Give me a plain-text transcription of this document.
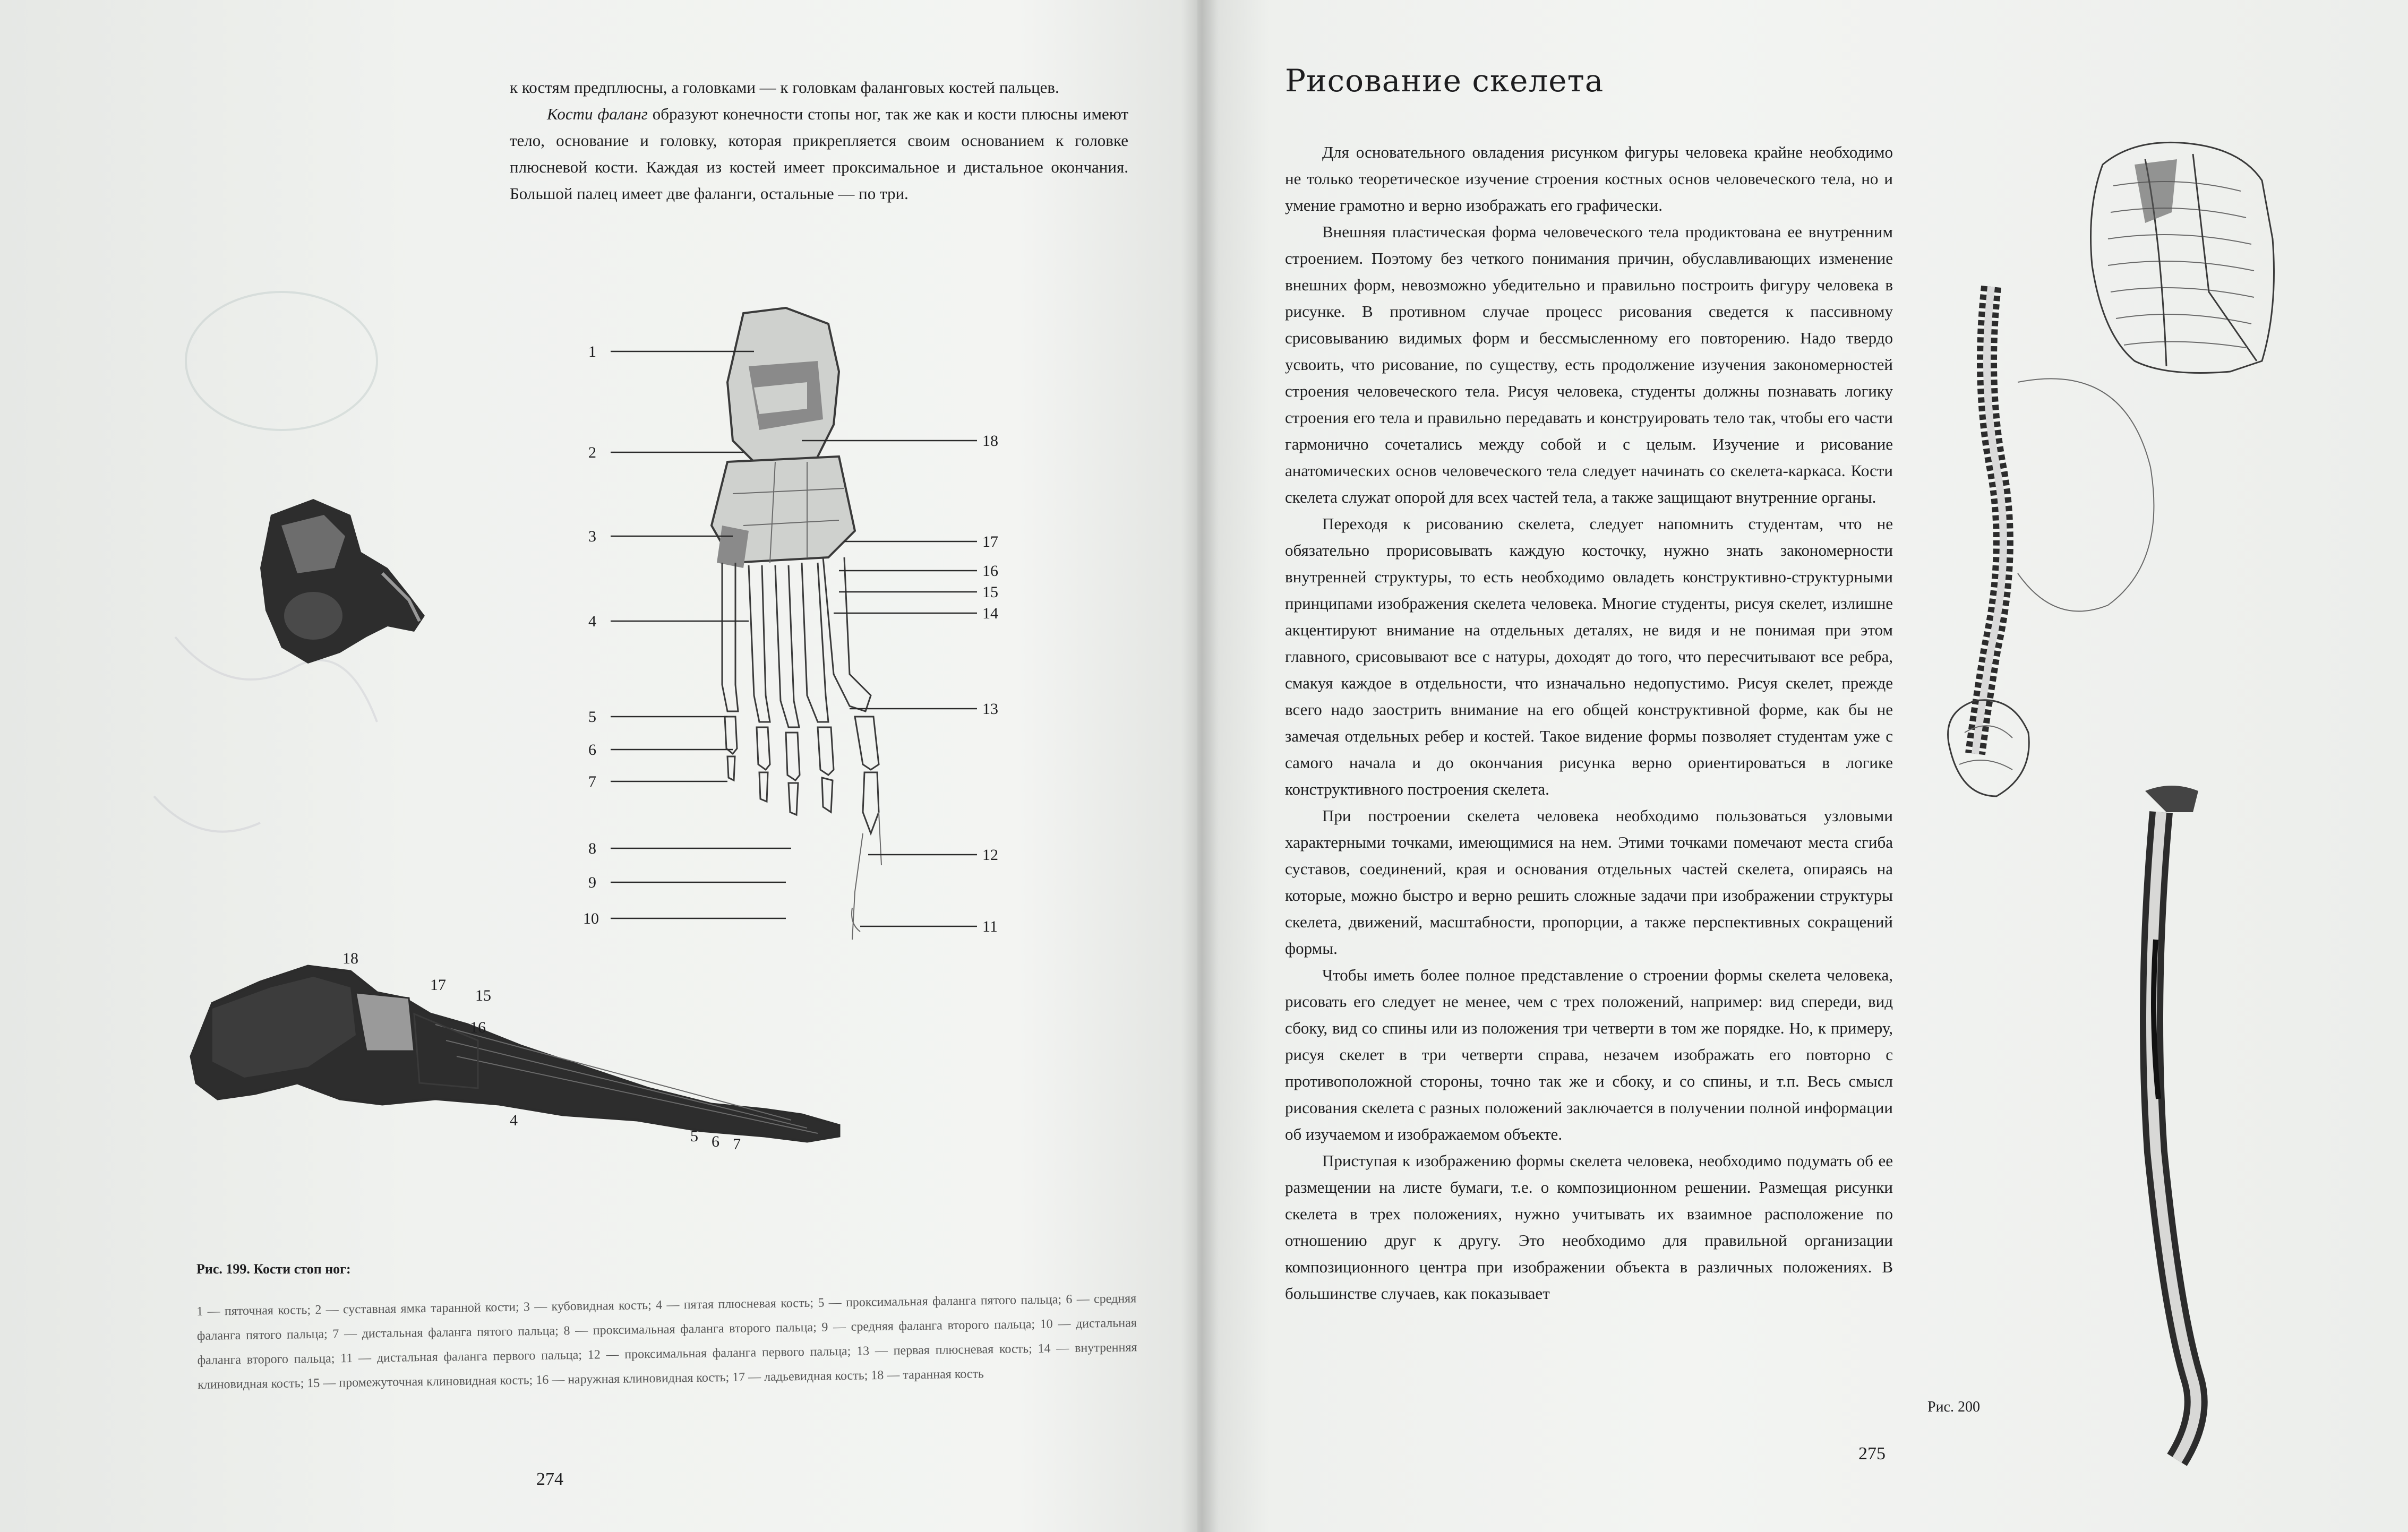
к костям предплюсны, а головками — к головкам фаланговых костей пальцев.

Кости фаланг образуют конечности стопы ног, так же как и кости плюсны имеют тело, основание и головку, которая прикрепляется своим основанием к головке плюсневой кости. Каждая из костей имеет проксимальное и дистальное окончания. Большой палец имеет две фаланги, остальные — по три.

1
2
3
4
5
6
7
8
9
10
18
17
16
15
14
13
12
11
18
17
15
16
4
5 6 7
Рис. 199. Кости стоп ног:
1 — пяточная кость; 2 — суставная ямка таранной кости; 3 — кубовидная кость; 4 — пятая плюсневая кость; 5 — проксимальная фаланга пятого пальца; 6 — средняя фаланга пятого пальца; 7 — дистальная фаланга пятого пальца; 8 — проксимальная фаланга второго пальца; 9 — средняя фаланга второго пальца; 10 — дистальная фаланга второго пальца; 11 — дистальная фаланга первого пальца; 12 — проксимальная фаланга первого пальца; 13 — первая плюсневая кость; 14 — внутренняя клиновидная кость; 15 — промежуточная клиновидная кость; 16 — наружная клиновидная кость; 17 — ладьевидная кость; 18 — таранная кость
274
Рисование скелета

Для основательного овладения рисунком фигуры человека крайне необходимо не только теоретическое изучение строения костных основ человеческого тела, но и умение грамотно и верно изображать его графически.

Внешняя пластическая форма человеческого тела продиктована ее внутренним строением. Поэтому без четкого понимания причин, обуславливающих изменение внешних форм, невозможно убедительно и правильно построить фигуру человека в рисунке. В противном случае процесс рисования сведется к пассивному срисовыванию видимых форм и бессмысленному его повторению. Надо твердо усвоить, что рисование, по существу, есть продолжение изучения закономерностей строения человеческого тела. Рисуя человека, студенты должны познавать логику строения его тела и правильно передавать и конструировать тело так, чтобы его части гармонично сочетались между собой и с целым. Изучение и рисование анатомических основ человеческого тела следует начинать со скелета-каркаса. Кости скелета служат опорой для всех частей тела, а также защищают внутренние органы.

Переходя к рисованию скелета, следует напомнить студентам, что не обязательно прорисовывать каждую косточку, нужно знать закономерности внутренней структуры, то есть необходимо овладеть конструктивно-структурными принципами изображения скелета человека. Многие студенты, рисуя скелет, излишне акцентируют внимание на отдельных деталях, не видя и не понимая при этом главного, срисовывают все с натуры, доходят до того, что пересчитывают все ребра, смакуя каждое в отдельности, что изначально недопустимо. Рисуя скелет, прежде всего надо заострить внимание на его общей конструктивной форме, как бы не замечая отдельных ребер и костей. Такое видение формы позволяет студентам уже с самого начала и до окончания рисунка верно ориентироваться в логике конструктивного построения скелета.

При построении скелета человека необходимо пользоваться узловыми характерными точками, имеющимися на нем. Этими точками помечают места сгиба суставов, соединений, края и основания отдельных частей скелета, опираясь на которые, можно быстро и верно решить сложные задачи при изображении структуры скелета, движений, масштабности, пропорции, а также перспективных сокращений формы.

Чтобы иметь более полное представление о строении формы скелета человека, рисовать его следует не менее, чем с трех положений, например: вид спереди, вид сбоку, вид со спины или из положения три четверти в том же порядке. Но, к примеру, рисуя скелет в три четверти справа, незачем изображать его повторно с противоположной стороны, точно так же и сбоку, и со спины, и т.п. Весь смысл рисования скелета с разных положений заключается в получении полной информации об изучаемом и изображаемом объекте.

Приступая к изображению формы скелета человека, необходимо подумать об ее размещении на листе бумаги, т.е. о композиционном решении. Размещая рисунки скелета в трех положениях, нужно учитывать их взаимное расположение по отношению друг к другу. Это необходимо для правильной организации композиционного центра при изображении объекта в различных положениях. В большинстве случаев, как показывает

Рис. 200
275
